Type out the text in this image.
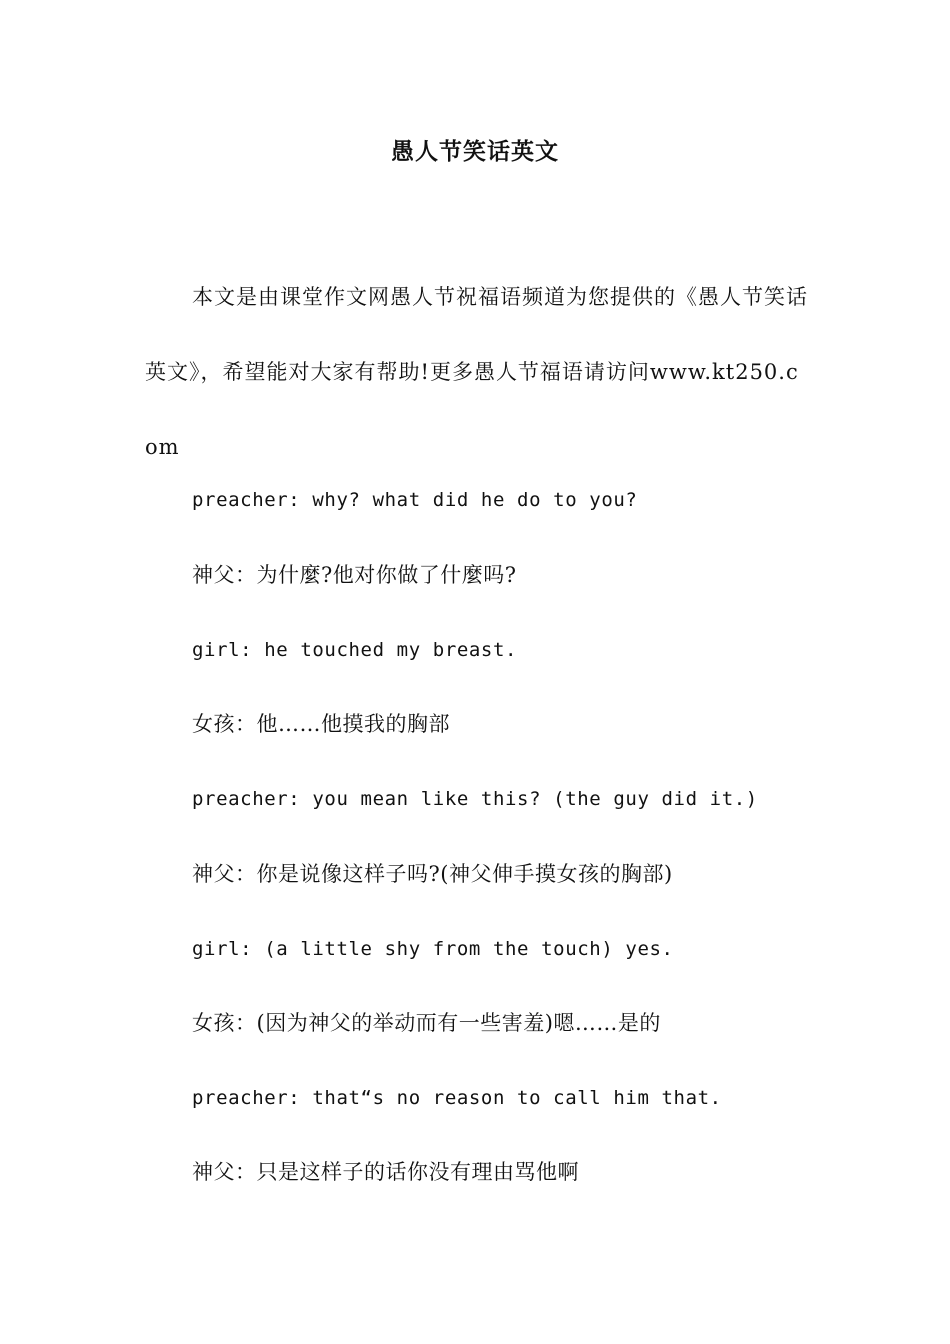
愚人节笑话英文
本文是由课堂作文网愚人节祝福语频道为您提供的《愚人节笑话英文》，希望能对大家有帮助!更多愚人节福语请访问www.kt250.com
preacher: why? what did he do to you?
神父：为什麼?他对你做了什麼吗?
girl: he touched my breast.
女孩：他……他摸我的胸部
preacher: you mean like this? (the guy did it.)
神父：你是说像这样子吗?(神父伸手摸女孩的胸部)
girl: (a little shy from the touch) yes.
女孩：(因为神父的举动而有一些害羞)嗯……是的
preacher: that“s no reason to call him that.
神父：只是这样子的话你没有理由骂他啊
